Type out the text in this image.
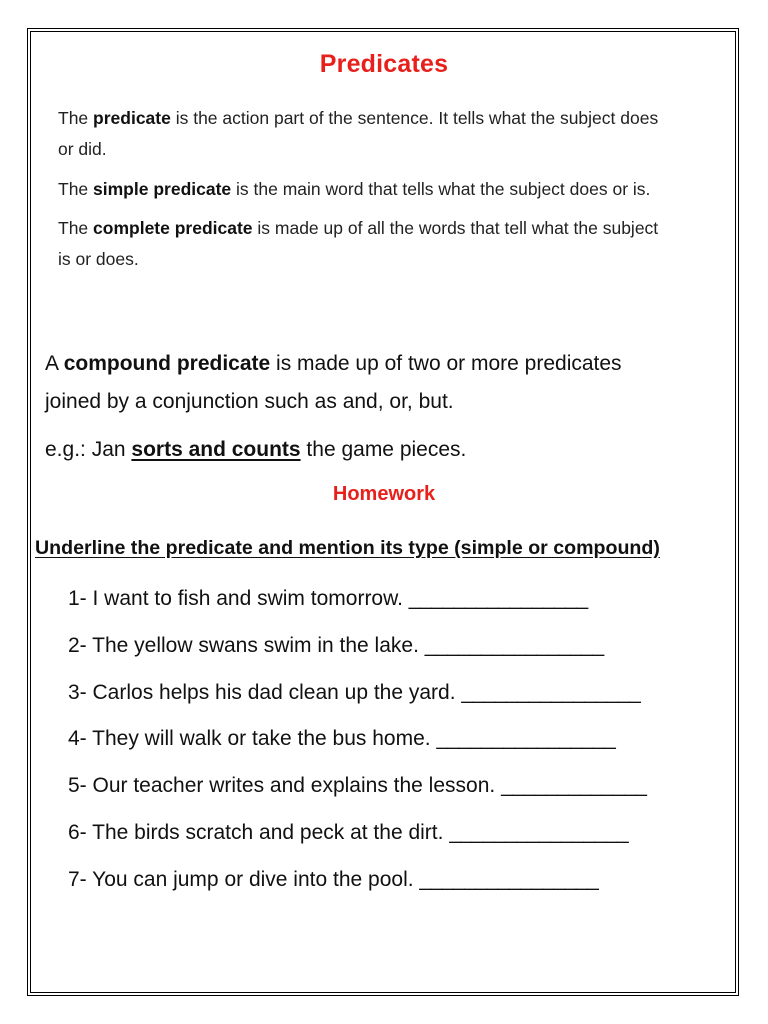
Predicates
The predicate is the action part of the sentence. It tells what the subject does
or did.
The simple predicate is the main word that tells what the subject does or is.
The complete predicate is made up of all the words that tell what the subject
is or does.
A compound predicate is made up of two or more predicates
joined by a conjunction such as and, or, but.
e.g.: Jan sorts and counts the game pieces.
Homework
Underline the predicate and mention its type (simple or compound)
1- I want to fish and swim tomorrow. ________________
2- The yellow swans swim in the lake. ________________
3- Carlos helps his dad clean up the yard. ________________
4- They will walk or take the bus home. ________________
5- Our teacher writes and explains the lesson. _____________
6- The birds scratch and peck at the dirt. ________________
7- You can jump or dive into the pool. ________________
